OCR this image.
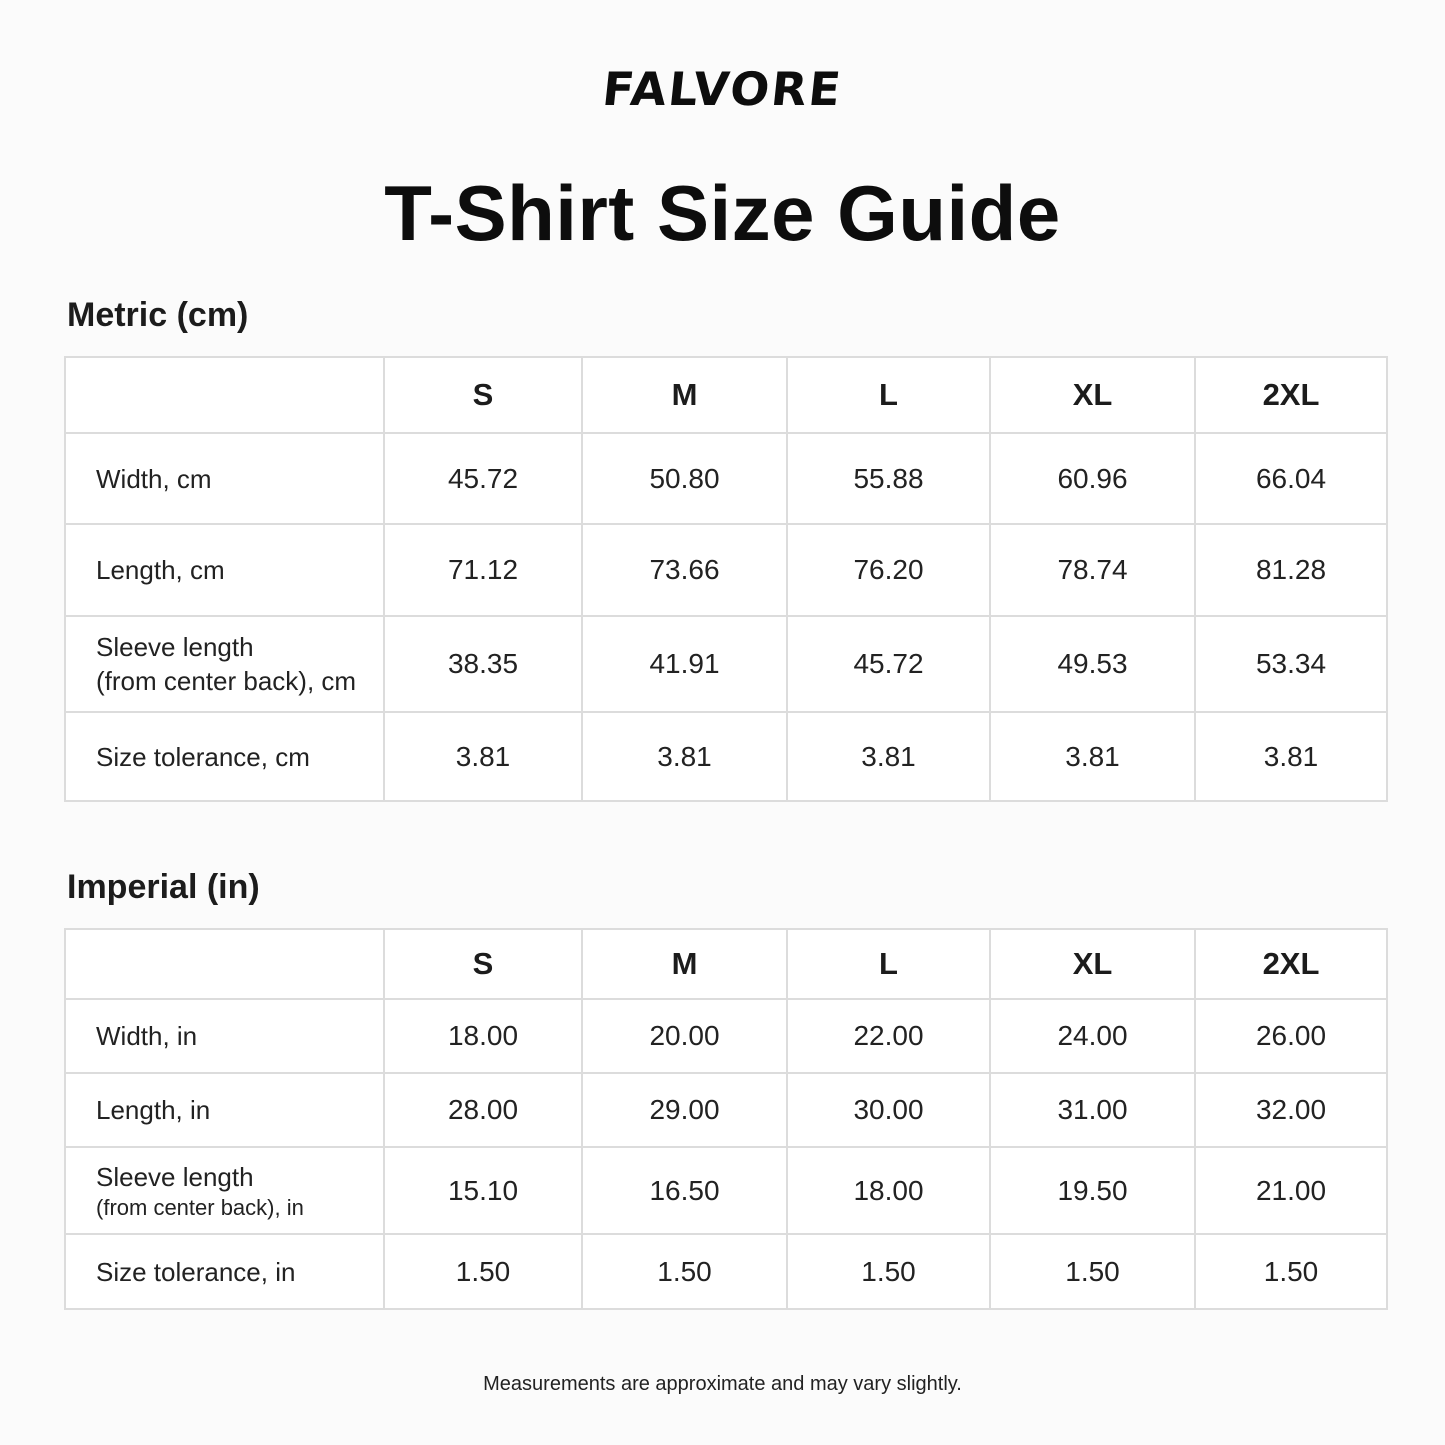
FALVORE
T-Shirt Size Guide
Metric (cm)
	S	M	L	XL	2XL
Width, cm	45.72	50.80	55.88	60.96	66.04
Length, cm	71.12	73.66	76.20	78.74	81.28
Sleeve length
(from center back), cm	38.35	41.91	45.72	49.53	53.34
Size tolerance, cm	3.81	3.81	3.81	3.81	3.81
Imperial (in)
	S	M	L	XL	2XL
Width, in	18.00	20.00	22.00	24.00	26.00
Length, in	28.00	29.00	30.00	31.00	32.00
Sleeve length
(from center back), in	15.10	16.50	18.00	19.50	21.00
Size tolerance, in	1.50	1.50	1.50	1.50	1.50
Measurements are approximate and may vary slightly.
